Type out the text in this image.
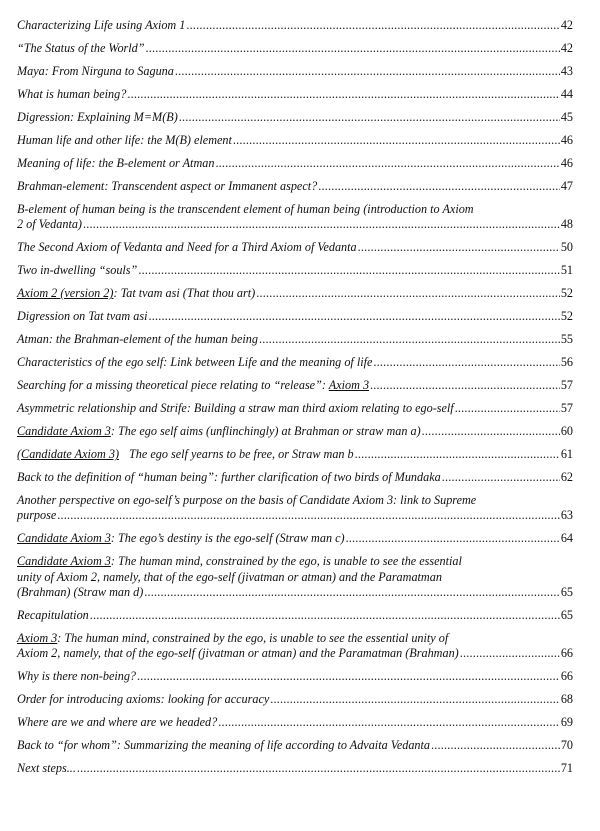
Characterizing Life using Axiom 1 .....	42
“The Status of the World” .....	42
Maya: From Nirguna to Saguna .....	43
What is human being? .....	44
Digression: Explaining M=M(B) .....	45
Human life and other life: the M(B) element .....	46
Meaning of life: the B-element or Atman .....	46
Brahman-element: Transcendent aspect or Immanent aspect? .....	47
B-element of human being is the transcendent element of human being (introduction to Axiom
2 of Vedanta) .....	48
The Second Axiom of Vedanta and Need for a Third Axiom of Vedanta .....	50
Two in-dwelling “souls” .....	51
Axiom 2 (version 2): Tat tvam asi (That thou art) .....	52
Digression on Tat tvam asi .....	52
Atman: the Brahman-element of the human being .....	55
Characteristics of the ego self: Link between Life and the meaning of life .....	56
Searching for a missing theoretical piece relating to “release”: Axiom 3 .....	57
Asymmetric relationship and Strife: Building a straw man third axiom relating to ego-self .....	57
Candidate Axiom 3: The ego self aims (unflinchingly) at Brahman or straw man a) .....	60
(Candidate Axiom 3) The ego self yearns to be free, or Straw man b .....	61
Back to the definition of “human being”: further clarification of two birds of Mundaka .....	62
Another perspective on ego-self’s purpose on the basis of Candidate Axiom 3: link to Supreme
purpose .....	63
Candidate Axiom 3: The ego’s destiny is the ego-self (Straw man c) .....	64
Candidate Axiom 3: The human mind, constrained by the ego, is unable to see the essential
unity of Axiom 2, namely, that of the ego-self (jivatman or atman) and the Paramatman
(Brahman) (Straw man d) .....	65
Recapitulation .....	65
Axiom 3: The human mind, constrained by the ego, is unable to see the essential unity of
Axiom 2, namely, that of the ego-self (jivatman or atman) and the Paramatman (Brahman) .....	66
Why is there non-being? .....	66
Order for introducing axioms: looking for accuracy .....	68
Where are we and where are we headed? .....	69
Back to “for whom”: Summarizing the meaning of life according to Advaita Vedanta .....	70
Next steps... .....	71
